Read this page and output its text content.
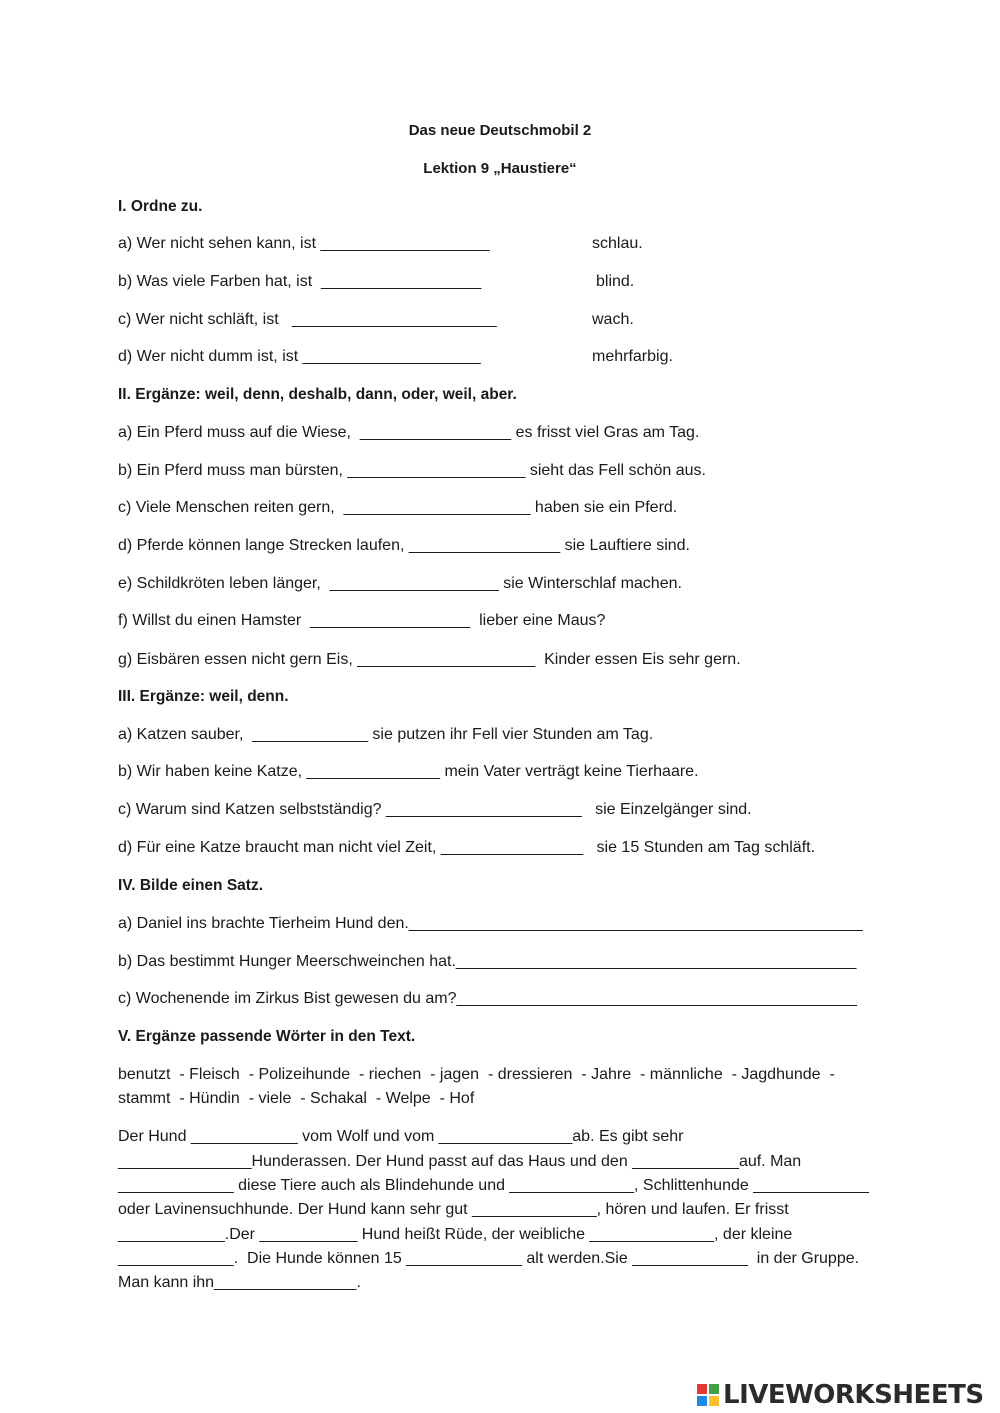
Das neue Deutschmobil 2
Lektion 9 „Haustiere“
I. Ordne zu.
a) Wer nicht sehen kann, ist ___________________	schlau.
b) Was viele Farben hat, ist  __________________	blind.
c) Wer nicht schläft, ist   _______________________	wach.
d) Wer nicht dumm ist, ist ____________________	mehrfarbig.
II. Ergänze: weil, denn, deshalb, dann, oder, weil, aber.
a) Ein Pferd muss auf die Wiese,  _________________ es frisst viel Gras am Tag.
b) Ein Pferd muss man bürsten, ____________________ sieht das Fell schön aus.
c) Viele Menschen reiten gern,  _____________________ haben sie ein Pferd.
d) Pferde können lange Strecken laufen, _________________ sie Lauftiere sind.
e) Schildkröten leben länger,  ___________________ sie Winterschlaf machen.
f) Willst du einen Hamster  __________________  lieber eine Maus?
g) Eisbären essen nicht gern Eis, ____________________  Kinder essen Eis sehr gern.
III. Ergänze: weil, denn.
a) Katzen sauber,  _____________ sie putzen ihr Fell vier Stunden am Tag.
b) Wir haben keine Katze, _______________ mein Vater verträgt keine Tierhaare.
c) Warum sind Katzen selbstständig? ______________________   sie Einzelgänger sind.
d) Für eine Katze braucht man nicht viel Zeit, ________________   sie 15 Stunden am Tag schläft.
IV. Bilde einen Satz.
a) Daniel ins brachte Tierheim Hund den.___________________________________________________
b) Das bestimmt Hunger Meerschweinchen hat._____________________________________________
c) Wochenende im Zirkus Bist gewesen du am?_____________________________________________
V. Ergänze passende Wörter in den Text.
benutzt  - Fleisch  - Polizeihunde  - riechen  - jagen  - dressieren  - Jahre  - männliche  - Jagdhunde  -
stammt  - Hündin  - viele  - Schakal  - Welpe  - Hof
Der Hund ____________ vom Wolf und vom _______________ab. Es gibt sehr
_______________Hunderassen. Der Hund passt auf das Haus und den ____________auf. Man
_____________ diese Tiere auch als Blindehunde und ______________, Schlittenhunde _____________
oder Lavinensuchhunde. Der Hund kann sehr gut ______________, hören und laufen. Er frisst
____________.Der ___________ Hund heißt Rüde, der weibliche ______________, der kleine
_____________.  Die Hunde können 15 _____________ alt werden.Sie _____________  in der Gruppe.
Man kann ihn________________.
LIVEWORKSHEETS
